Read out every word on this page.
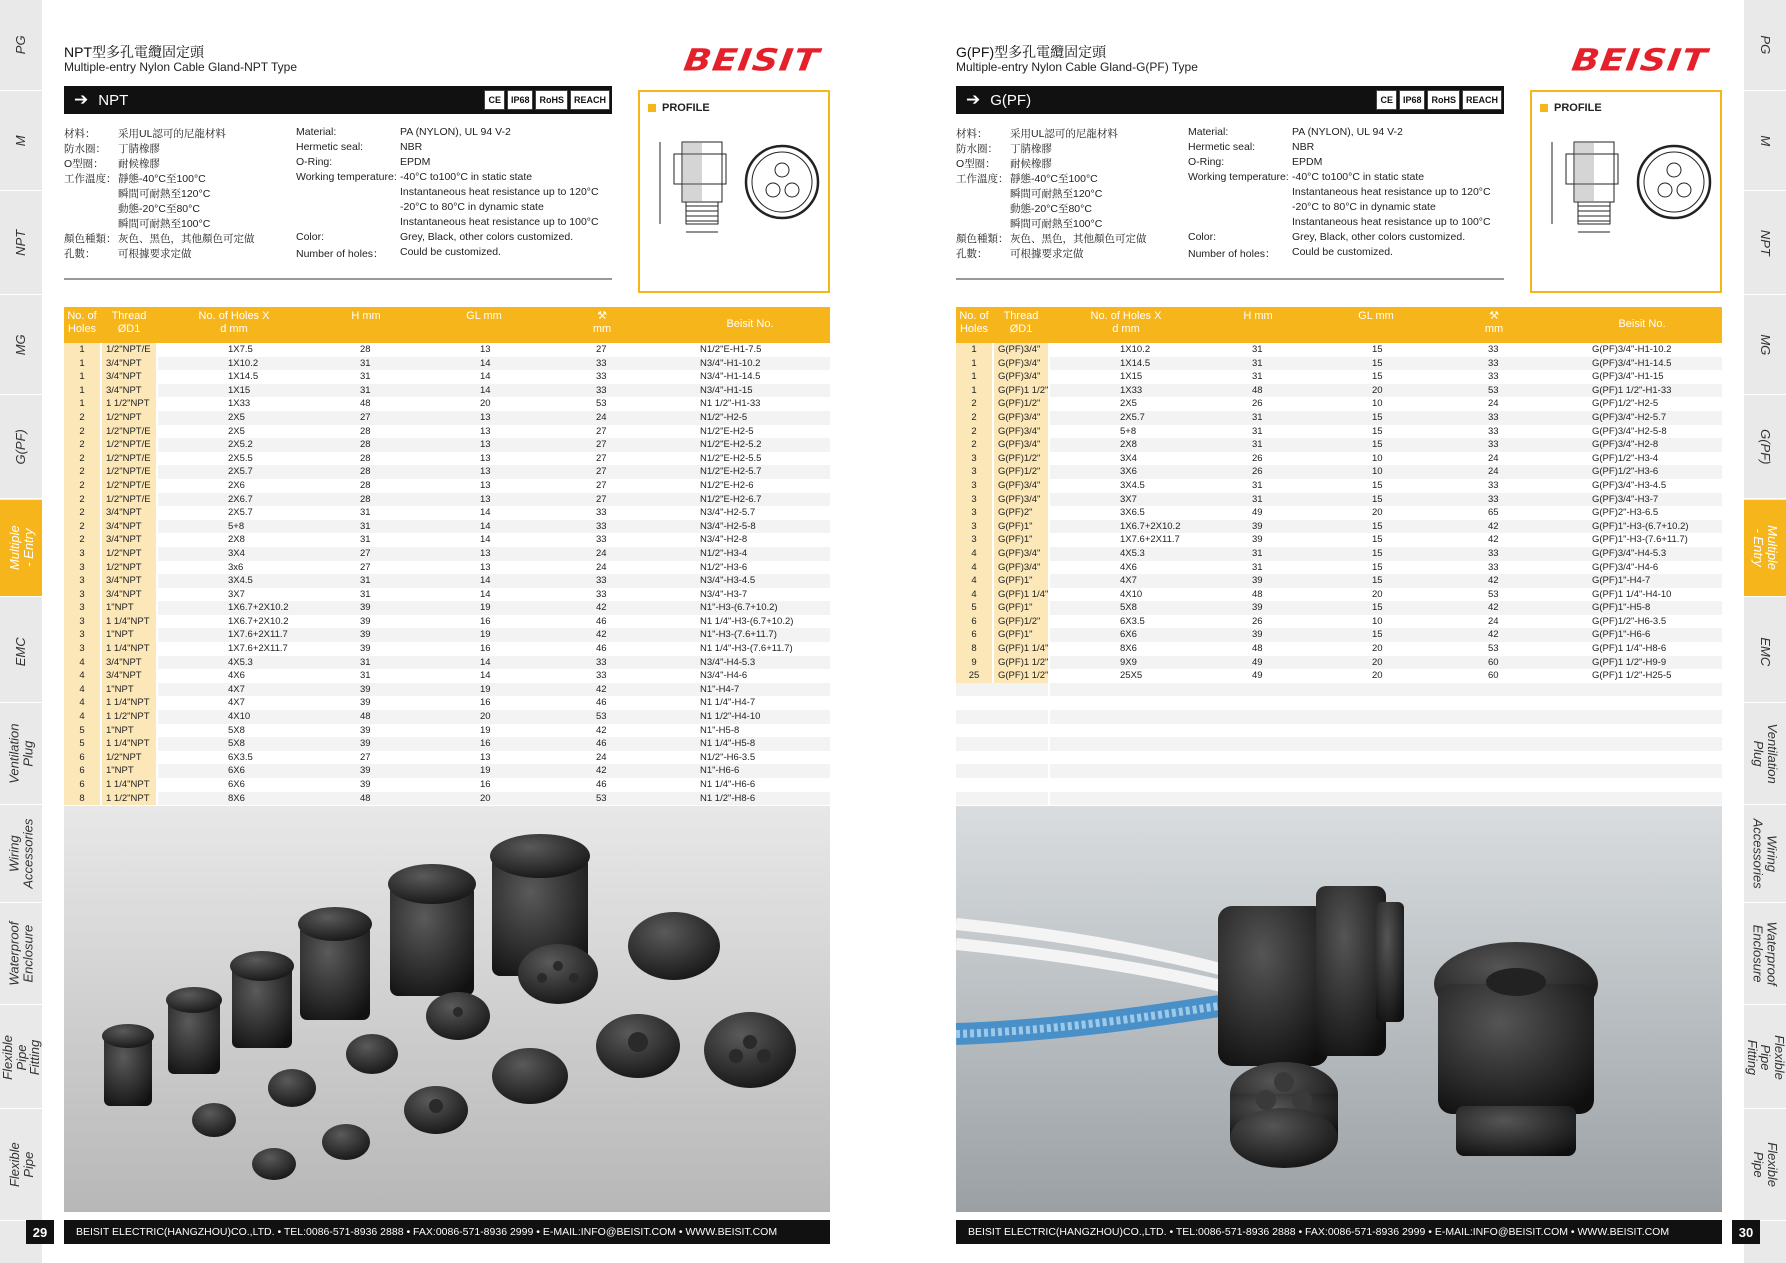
PG
M
NPT
MG
G(PF)
Multiple - Entry
EMC
Ventilation Plug
Wiring Accessories
Waterproof Enclosure
Flexible Pipe Fitting
Flexible Pipe
PG
M
NPT
MG
G(PF)
Multiple - Entry
EMC
Ventilation Plug
Wiring Accessories
Waterproof Enclosure
Flexible Pipe Fitting
Flexible Pipe
NPT型多孔電纜固定頭
Multiple-entry Nylon Cable Gland-NPT Type	BEISIT
➔ NPT	CE	IP68	RoHS	REACH
材料： 采用UL認可的尼龍材料	Material:	PA (NYLON), UL 94 V-2
防水圈： 丁腈橡膠	Hermetic seal:	NBR
O型圈： 耐候橡膠	O-Ring:	EPDM
工作溫度： 靜態-40°C至100°C	Working temperature: -40°C to100°C in static state
瞬間可耐熱至120°C	Instantaneous heat resistance up to 120°C
動態-20°C至80°C	-20°C to 80°C in dynamic state
瞬間可耐熱至100°C	Instantaneous heat resistance up to 100°C
顏色種類： 灰色、黑色，其他顏色可定做	Color:	Grey, Black, other colors customized.
孔數： 可根據要求定做	Number of holes： Could be customized.
PROFILE
No. of Holes
Thread ØD1
No. of Holes X d mm
H mm	GL mm	⚒
mm	Beisit No.
1	1/2"NPT/E	1X7.5	28	13	27	N1/2"E-H1-7.5
1	3/4"NPT	1X10.2	31	14	33	N3/4"-H1-10.2
1	3/4"NPT	1X14.5	31	14	33	N3/4"-H1-14.5
1	3/4"NPT	1X15	31	14	33	N3/4"-H1-15
1	1 1/2"NPT	1X33	48	20	53	N1 1/2"-H1-33
2	1/2"NPT	2X5	27	13	24	N1/2"-H2-5
2	1/2"NPT/E	2X5	28	13	27	N1/2"E-H2-5
2	1/2"NPT/E	2X5.2	28	13	27	N1/2"E-H2-5.2
2	1/2"NPT/E	2X5.5	28	13	27	N1/2"E-H2-5.5
2	1/2"NPT/E	2X5.7	28	13	27	N1/2"E-H2-5.7
2	1/2"NPT/E	2X6	28	13	27	N1/2"E-H2-6
2	1/2"NPT/E	2X6.7	28	13	27	N1/2"E-H2-6.7
2	3/4"NPT	2X5.7	31	14	33	N3/4"-H2-5.7
2	3/4"NPT	5+8	31	14	33	N3/4"-H2-5-8
2	3/4"NPT	2X8	31	14	33	N3/4"-H2-8
3	1/2"NPT	3X4	27	13	24	N1/2"-H3-4
3	1/2"NPT	3x6	27	13	24	N1/2"-H3-6
3	3/4"NPT	3X4.5	31	14	33	N3/4"-H3-4.5
3	3/4"NPT	3X7	31	14	33	N3/4"-H3-7
3	1"NPT	1X6.7+2X10.2	39	19	42	N1"-H3-(6.7+10.2)
3	1 1/4"NPT	1X6.7+2X10.2	39	16	46	N1 1/4"-H3-(6.7+10.2)
3	1"NPT	1X7.6+2X11.7	39	19	42	N1"-H3-(7.6+11.7)
3	1 1/4"NPT	1X7.6+2X11.7	39	16	46	N1 1/4"-H3-(7.6+11.7)
4	3/4"NPT	4X5.3	31	14	33	N3/4"-H4-5.3
4	3/4"NPT	4X6	31	14	33	N3/4"-H4-6
4	1"NPT	4X7	39	19	42	N1"-H4-7
4	1 1/4"NPT	4X7	39	16	46	N1 1/4"-H4-7
4	1 1/2"NPT	4X10	48	20	53	N1 1/2"-H4-10
5	1"NPT	5X8	39	19	42	N1"-H5-8
5	1 1/4"NPT	5X8	39	16	46	N1 1/4"-H5-8
6	1/2"NPT	6X3.5	27	13	24	N1/2"-H6-3.5
6	1"NPT	6X6	39	19	42	N1"-H6-6
6	1 1/4"NPT	6X6	39	16	46	N1 1/4"-H6-6
8	1 1/2"NPT	8X6	48	20	53	N1 1/2"-H8-6
BEISIT ELECTRIC(HANGZHOU)CO.,LTD. • TEL:0086-571-8936 2888 • FAX:0086-571-8936 2999 • E-MAIL:INFO@BEISIT.COM • WWW.BEISIT.COM
29
G(PF)型多孔電纜固定頭
Multiple-entry Nylon Cable Gland-G(PF) Type	BEISIT
➔ G(PF)	CE	IP68	RoHS	REACH
材料： 采用UL認可的尼龍材料	Material:	PA (NYLON), UL 94 V-2
防水圈： 丁腈橡膠	Hermetic seal:	NBR
O型圈： 耐候橡膠	O-Ring:	EPDM
工作溫度： 靜態-40°C至100°C	Working temperature: -40°C to100°C in static state
瞬間可耐熱至120°C	Instantaneous heat resistance up to 120°C
動態-20°C至80°C	-20°C to 80°C in dynamic state
瞬間可耐熱至100°C	Instantaneous heat resistance up to 100°C
顏色種類： 灰色、黑色，其他顏色可定做	Color:	Grey, Black, other colors customized.
孔數： 可根據要求定做	Number of holes： Could be customized.
PROFILE
No. of Holes
Thread ØD1
No. of Holes X d mm
H mm	GL mm	⚒
mm	Beisit No.
1	G(PF)3/4"	1X10.2	31	15	33	G(PF)3/4"-H1-10.2
1	G(PF)3/4"	1X14.5	31	15	33	G(PF)3/4"-H1-14.5
1	G(PF)3/4"	1X15	31	15	33	G(PF)3/4"-H1-15
1	G(PF)1 1/2"	1X33	48	20	53	G(PF)1 1/2"-H1-33
2	G(PF)1/2"	2X5	26	10	24	G(PF)1/2"-H2-5
2	G(PF)3/4"	2X5.7	31	15	33	G(PF)3/4"-H2-5.7
2	G(PF)3/4"	5+8	31	15	33	G(PF)3/4"-H2-5-8
2	G(PF)3/4"	2X8	31	15	33	G(PF)3/4"-H2-8
3	G(PF)1/2"	3X4	26	10	24	G(PF)1/2"-H3-4
3	G(PF)1/2"	3X6	26	10	24	G(PF)1/2"-H3-6
3	G(PF)3/4"	3X4.5	31	15	33	G(PF)3/4"-H3-4.5
3	G(PF)3/4"	3X7	31	15	33	G(PF)3/4"-H3-7
3	G(PF)2"	3X6.5	49	20	65	G(PF)2"-H3-6.5
3	G(PF)1"	1X6.7+2X10.2	39	15	42	G(PF)1"-H3-(6.7+10.2)
3	G(PF)1"	1X7.6+2X11.7	39	15	42	G(PF)1"-H3-(7.6+11.7)
4	G(PF)3/4"	4X5.3	31	15	33	G(PF)3/4"-H4-5.3
4	G(PF)3/4"	4X6	31	15	33	G(PF)3/4"-H4-6
4	G(PF)1"	4X7	39	15	42	G(PF)1"-H4-7
4	G(PF)1 1/4"	4X10	48	20	53	G(PF)1 1/4"-H4-10
5	G(PF)1"	5X8	39	15	42	G(PF)1"-H5-8
6	G(PF)1/2"	6X3.5	26	10	24	G(PF)1/2"-H6-3.5
6	G(PF)1"	6X6	39	15	42	G(PF)1"-H6-6
8	G(PF)1 1/4"	8X6	48	20	53	G(PF)1 1/4"-H8-6
9	G(PF)1 1/2"	9X9	49	20	60	G(PF)1 1/2"-H9-9
25	G(PF)1 1/2"	25X5	49	20	60	G(PF)1 1/2"-H25-5
BEISIT ELECTRIC(HANGZHOU)CO.,LTD. • TEL:0086-571-8936 2888 • FAX:0086-571-8936 2999 • E-MAIL:INFO@BEISIT.COM • WWW.BEISIT.COM	30
